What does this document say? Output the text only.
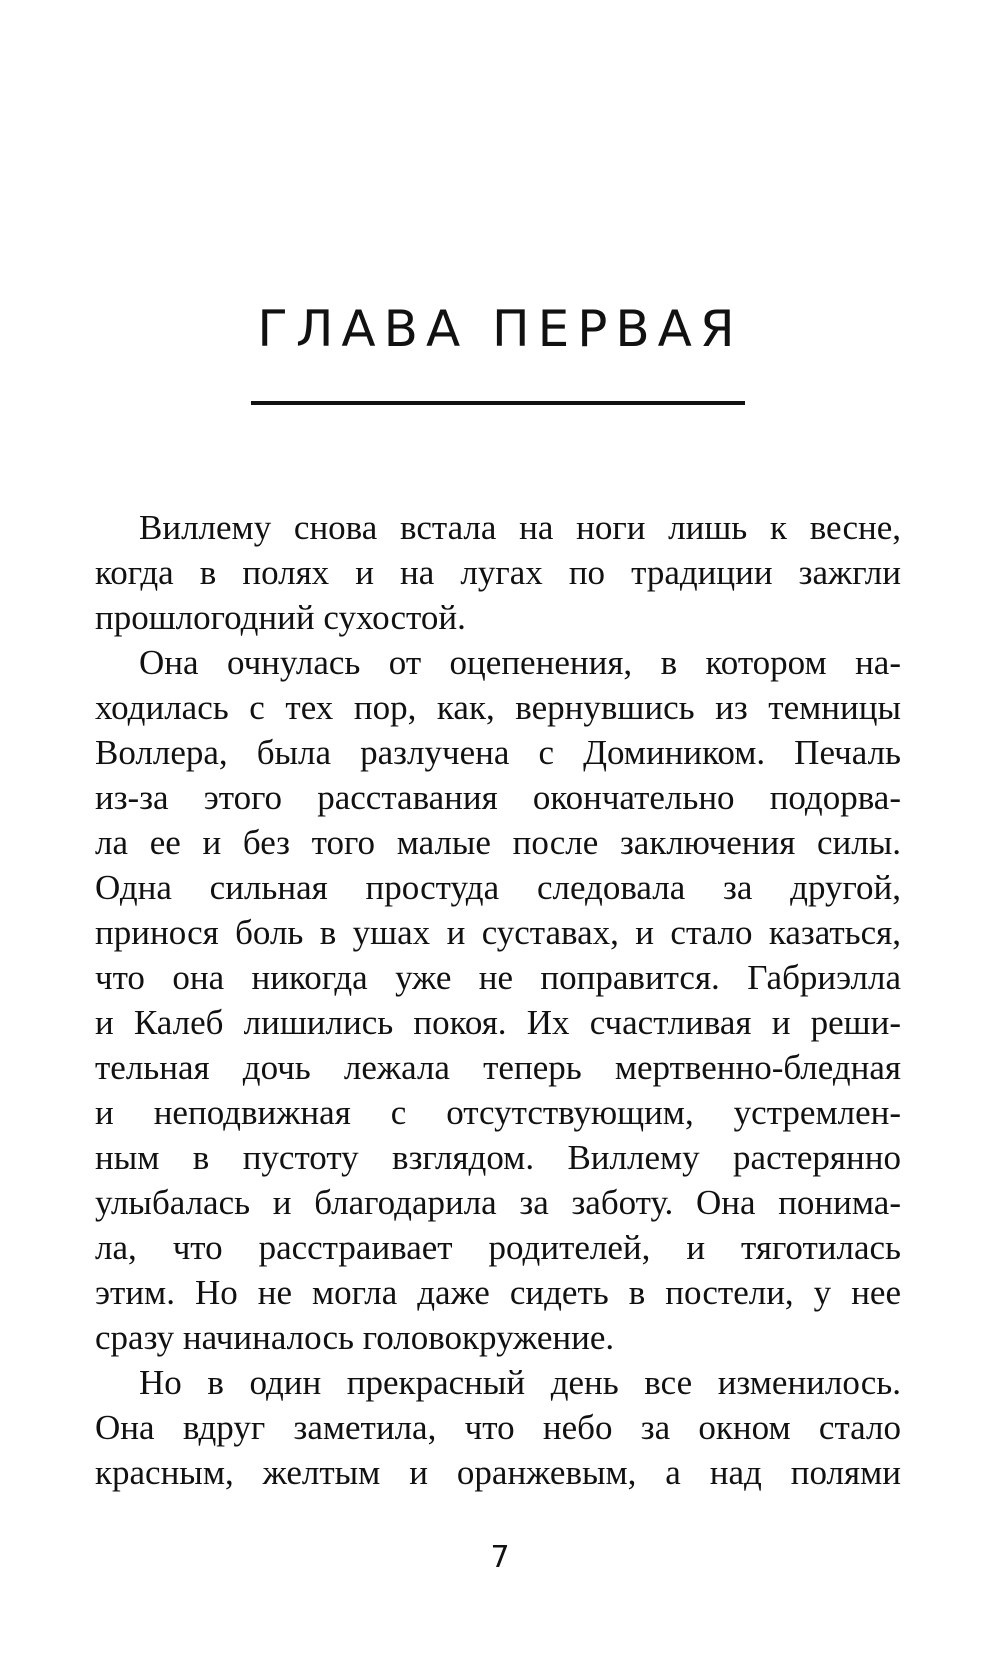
ГЛАВА ПЕРВАЯ
Виллему снова встала на ноги лишь к весне,
когда в полях и на лугах по традиции зажгли
прошлогодний сухостой.
Она очнулась от оцепенения, в котором на-
ходилась с тех пор, как, вернувшись из темницы
Воллера, была разлучена с Домиником. Печаль
из-за этого расставания окончательно подорва-
ла ее и без того малые после заключения силы.
Одна сильная простуда следовала за другой,
принося боль в ушах и суставах, и стало казаться,
что она никогда уже не поправится. Габриэлла
и Калеб лишились покоя. Их счастливая и реши-
тельная дочь лежала теперь мертвенно-бледная
и неподвижная с отсутствующим, устремлен-
ным в пустоту взглядом. Виллему растерянно
улыбалась и благодарила за заботу. Она понима-
ла, что расстраивает родителей, и тяготилась
этим. Но не могла даже сидеть в постели, у нее
сразу начиналось головокружение.
Но в один прекрасный день все изменилось.
Она вдруг заметила, что небо за окном стало
красным, желтым и оранжевым, а над полями
7
